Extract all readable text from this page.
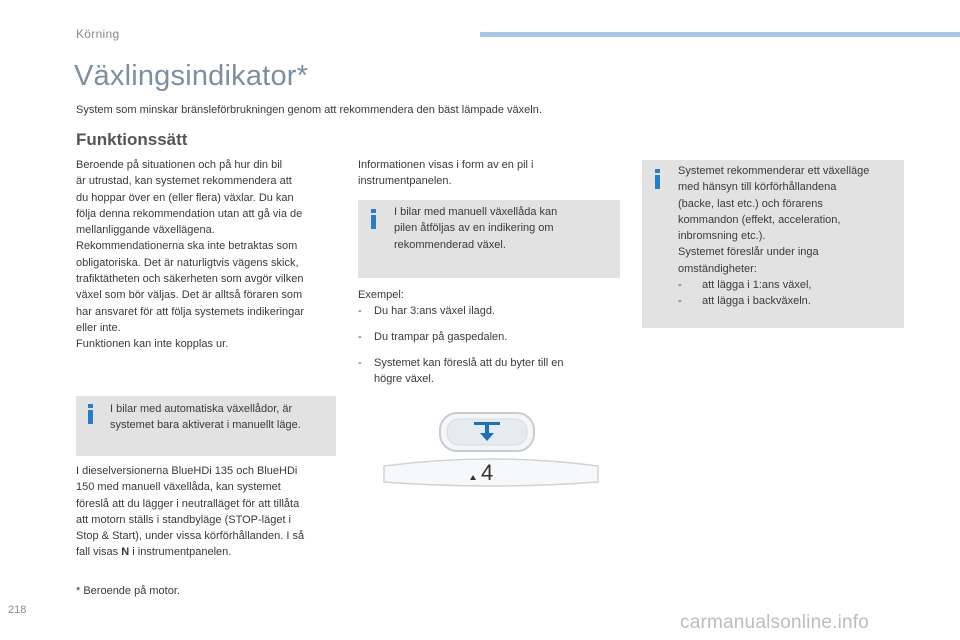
Körning
Växlingsindikator*
System som minskar bränsleförbrukningen genom att rekommendera den bäst lämpade växeln.
Funktionssätt
Beroende på situationen och på hur din bil
är utrustad, kan systemet rekommendera att
du hoppar över en (eller flera) växlar. Du kan
följa denna rekommendation utan att gå via de
mellanliggande växellägena.
Rekommendationerna ska inte betraktas som
obligatoriska. Det är naturligtvis vägens skick,
trafiktätheten och säkerheten som avgör vilken
växel som bör väljas. Det är alltså föraren som
har ansvaret för att följa systemets indikeringar
eller inte.
Funktionen kan inte kopplas ur.
I bilar med automatiska växellådor, är
systemet bara aktiverat i manuellt läge.
I dieselversionerna BlueHDi 135 och BlueHDi
150 med manuell växellåda, kan systemet
föreslå att du lägger i neutralläget för att tillåta
att motorn ställs i standbyläge (STOP-läget i
Stop & Start), under vissa körförhållanden. I så
fall visas N i instrumentpanelen.
* Beroende på motor.
Informationen visas i form av en pil i
instrumentpanelen.
I bilar med manuell växellåda kan
pilen åtföljas av en indikering om
rekommenderad växel.
Exempel:
- Du har 3:ans växel ilagd.
- Du trampar på gaspedalen.
- Systemet kan föreslå att du byter till en
högre växel.
4
Systemet rekommenderar ett växelläge
med hänsyn till körförhållandena
(backe, last etc.) och förarens
kommandon (effekt, acceleration,
inbromsning etc.).
Systemet föreslår under inga
omständigheter:
- att lägga i 1:ans växel,
- att lägga i backväxeln.
218
carmanualsonline.info
